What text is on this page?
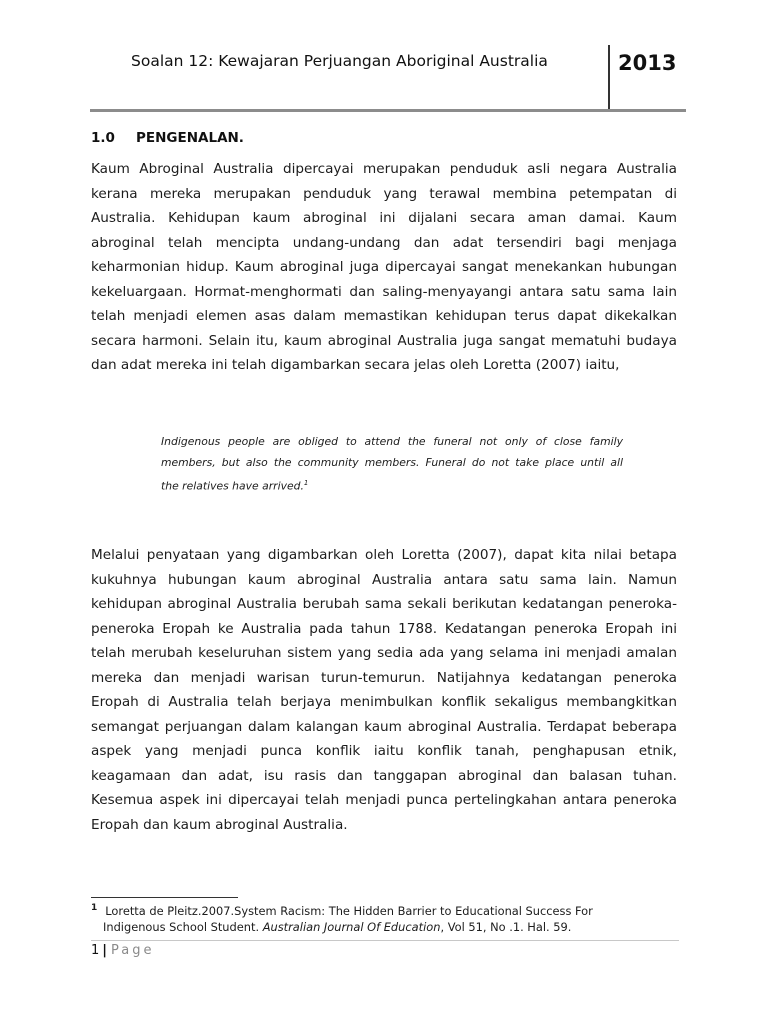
Soalan 12: Kewajaran Perjuangan Aboriginal Australia	2013
1.0 PENGENALAN.
Kaum Abroginal Australia dipercayai merupakan penduduk asli negara Australia
kerana mereka merupakan penduduk yang terawal membina petempatan di
Australia. Kehidupan kaum abroginal ini dijalani secara aman damai. Kaum
abroginal telah mencipta undang-undang dan adat tersendiri bagi menjaga
keharmonian hidup. Kaum abroginal juga dipercayai sangat menekankan hubungan
kekeluargaan. Hormat-menghormati dan saling-menyayangi antara satu sama lain
telah menjadi elemen asas dalam memastikan kehidupan terus dapat dikekalkan
secara harmoni. Selain itu, kaum abroginal Australia juga sangat mematuhi budaya
dan adat mereka ini telah digambarkan secara jelas oleh Loretta (2007) iaitu,
Indigenous people are obliged to attend the funeral not only of close family
members, but also the community members. Funeral do not take place until all
the relatives have arrived.$^1$
Melalui penyataan yang digambarkan oleh Loretta (2007), dapat kita nilai betapa
kukuhnya hubungan kaum abroginal Australia antara satu sama lain. Namun
kehidupan abroginal Australia berubah sama sekali berikutan kedatangan peneroka-
peneroka Eropah ke Australia pada tahun 1788. Kedatangan peneroka Eropah ini
telah merubah keseluruhan sistem yang sedia ada yang selama ini menjadi amalan
mereka dan menjadi warisan turun-temurun. Natijahnya kedatangan peneroka
Eropah di Australia telah berjaya menimbulkan konflik sekaligus membangkitkan
semangat perjuangan dalam kalangan kaum abroginal Australia. Terdapat beberapa
aspek yang menjadi punca konflik iaitu konflik tanah, penghapusan etnik,
keagamaan dan adat, isu rasis dan tanggapan abroginal dan balasan tuhan.
Kesemua aspek ini dipercayai telah menjadi punca pertelingkahan antara peneroka
Eropah dan kaum abroginal Australia.
$^1$ Loretta de Pleitz.2007.System Racism: The Hidden Barrier to Educational Success For
Indigenous School Student. Australian Journal Of Education, Vol 51, No .1. Hal. 59.
1 | Page
